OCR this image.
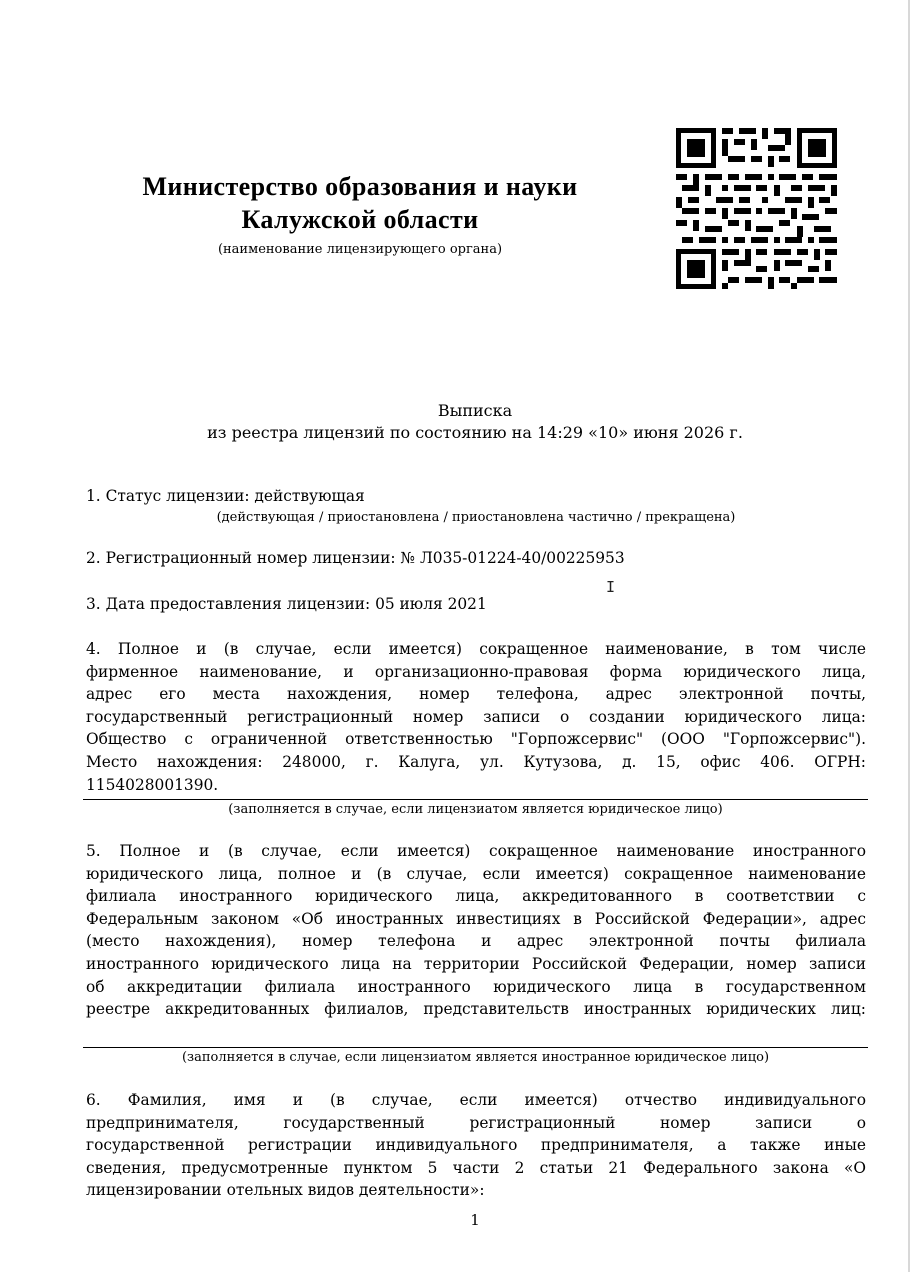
Министерство образования и науки
Калужской области
(наименование лицензирующего органа)
Выписка
из реестра лицензий по состоянию на 14:29 «10» июня 2026 г.
1. Статус лицензии: действующая
(действующая / приостановлена / приостановлена частично / прекращена)
2. Регистрационный номер лицензии: № Л035-01224-40/00225953
I
3. Дата предоставления лицензии: 05 июля 2021
4. Полное и (в случае, если имеется) сокращенное наименование, в том числе
фирменное наименование, и организационно-правовая форма юридического лица,
адрес его места нахождения, номер телефона, адрес электронной почты,
государственный регистрационный номер записи о создании юридического лица:
Общество с ограниченной ответственностью "Горпожсервис" (ООО "Горпожсервис").
Место нахождения: 248000, г. Калуга, ул. Кутузова, д. 15, офис 406. ОГРН:
1154028001390.
(заполняется в случае, если лицензиатом является юридическое лицо)
5. Полное и (в случае, если имеется) сокращенное наименование иностранного
юридического лица, полное и (в случае, если имеется) сокращенное наименование
филиала иностранного юридического лица, аккредитованного в соответствии с
Федеральным законом «Об иностранных инвестициях в Российской Федерации», адрес
(место нахождения), номер телефона и адрес электронной почты филиала
иностранного юридического лица на территории Российской Федерации, номер записи
об аккредитации филиала иностранного юридического лица в государственном
реестре аккредитованных филиалов, представительств иностранных юридических лиц:
(заполняется в случае, если лицензиатом является иностранное юридическое лицо)
6. Фамилия, имя и (в случае, если имеется) отчество индивидуального
предпринимателя, государственный регистрационный номер записи о
государственной регистрации индивидуального предпринимателя, а также иные
сведения, предусмотренные пунктом 5 части 2 статьи 21 Федерального закона «О
лицензировании отельных видов деятельности»:
1
